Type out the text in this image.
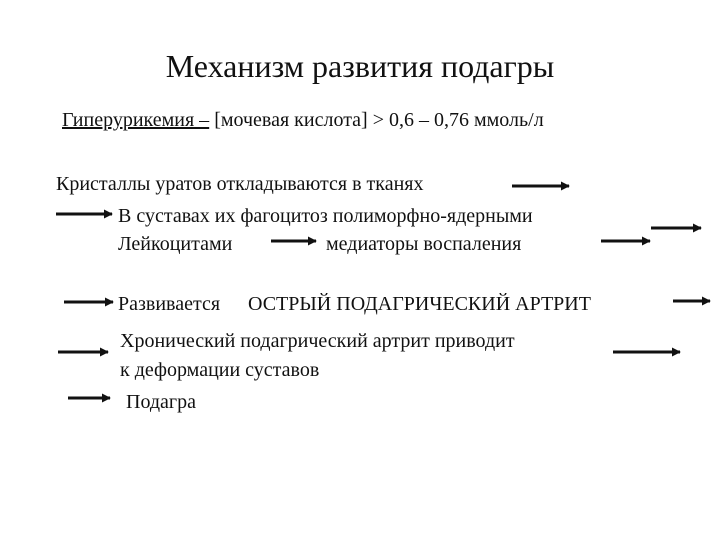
Механизм развития подагры
Гиперурикемия – [мочевая кислота] > 0,6 – 0,76 ммоль/л
Кристаллы уратов откладываются в тканях
В суставах их фагоцитоз полиморфно-ядерными
Лейкоцитами	медиаторы воспаления
Развивается ОСТРЫЙ ПОДАГРИЧЕСКИЙ АРТРИТ
Хронический подагрический артрит приводит
к деформации суставов
Подагра
